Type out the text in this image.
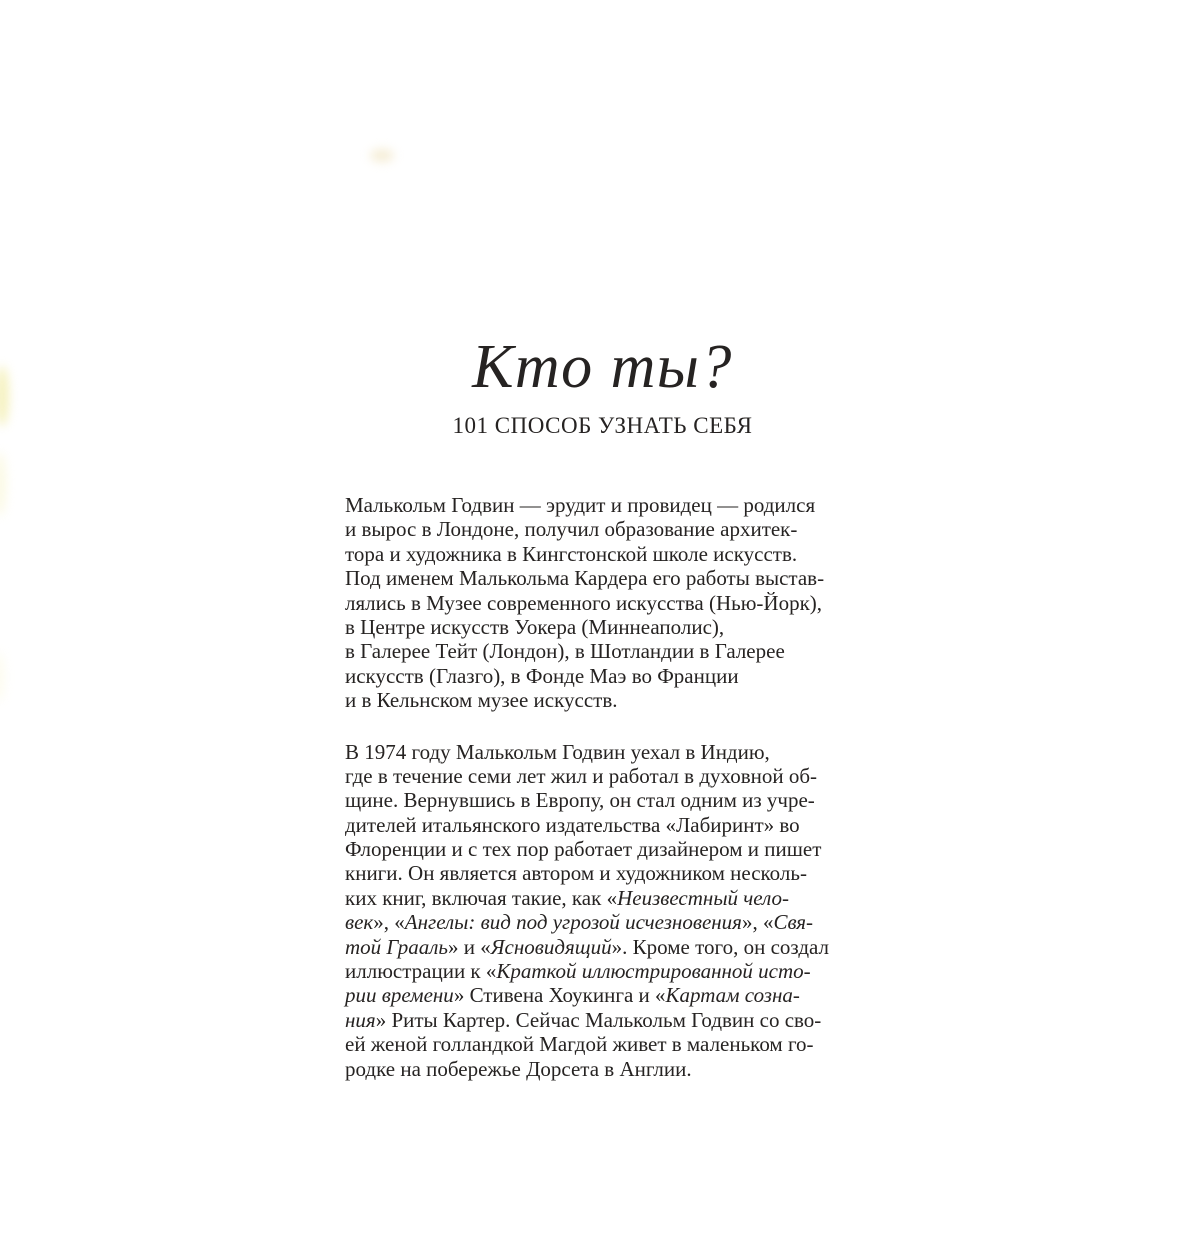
Кто ты?
101 СПОСОБ УЗНАТЬ СЕБЯ
Малькольм Годвин — эрудит и провидец — родился
и вырос в Лондоне, получил образование архитек-
тора и художника в Кингстонской школе искусств.
Под именем Малькольма Кардера его работы выстав-
лялись в Музее современного искусства (Нью-Йорк),
в Центре искусств Уокера (Миннеаполис),
в Галерее Тейт (Лондон), в Шотландии в Галерее
искусств (Глазго), в Фонде Маэ во Франции
и в Кельнском музее искусств.
В 1974 году Малькольм Годвин уехал в Индию,
где в течение семи лет жил и работал в духовной об-
щине. Вернувшись в Европу, он стал одним из учре-
дителей итальянского издательства «Лабиринт» во
Флоренции и с тех пор работает дизайнером и пишет
книги. Он является автором и художником несколь-
ких книг, включая такие, как «Неизвестный чело-
век», «Ангелы: вид под угрозой исчезновения», «Свя-
той Грааль» и «Ясновидящий». Кроме того, он создал
иллюстрации к «Краткой иллюстрированной исто-
рии времени» Стивена Хоукинга и «Картам созна-
ния» Риты Картер. Сейчас Малькольм Годвин со сво-
ей женой голландкой Магдой живет в маленьком го-
родке на побережье Дорсета в Англии.
